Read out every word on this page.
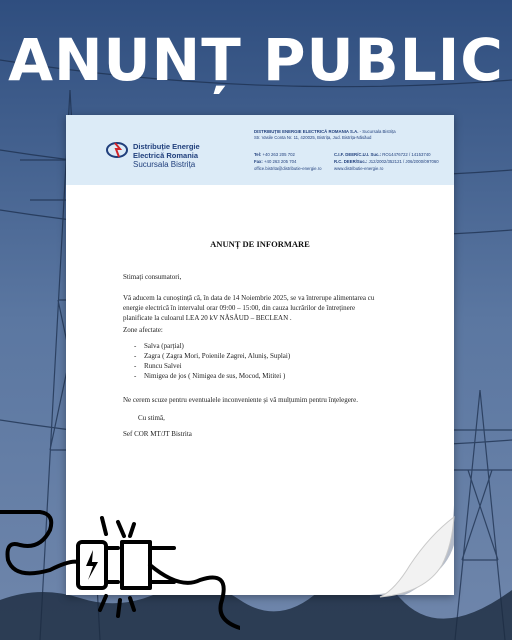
ANUNȚ PUBLIC
Distribuție Energie
Electrică Romania
Sucursala Bistrița
DISTRIBUȚIE ENERGIE ELECTRICĂ ROMANIA S.A. - Sucursala Bistrița
Str. Vasile Conta Nr. 11, 420025, Bistrița, Jud. Bistrița-Năsăud
Tel: +40 263 205 702
Fax: +40 263 205 704
office.bistrita@distributie-energie.ro
C.I.F. DEER/C.U.I. Suc.: RO14476722 / 14153740
R.C. DEER/Suc.: J12/2002/352121 / J06/2000/097060
www.distributie-energie.ro
ANUNȚ DE INFORMARE
Stimați consumatori,
Vă aducem la cunoștință că, în data de 14 Noiembrie 2025, se va întrerupe alimentarea cu
energie electrică în intervalul orar 09:00 – 15:00, din cauza lucrărilor de întreținere
planificate la culoarul LEA 20 kV NĂSĂUD – BECLEAN .
Zone afectate:
- Salva (parțial)
- Zagra ( Zagra Mori, Poienile Zagrei, Aluniș, Suplai)
- Runcu Salvei
- Nimigea de jos ( Nimigea de sus, Mocod, Mititei )
Ne cerem scuze pentru eventualele inconveniente și vă mulțumim pentru înțelegere.
Cu stimă,
Sef COR MT/JT Bistrita
